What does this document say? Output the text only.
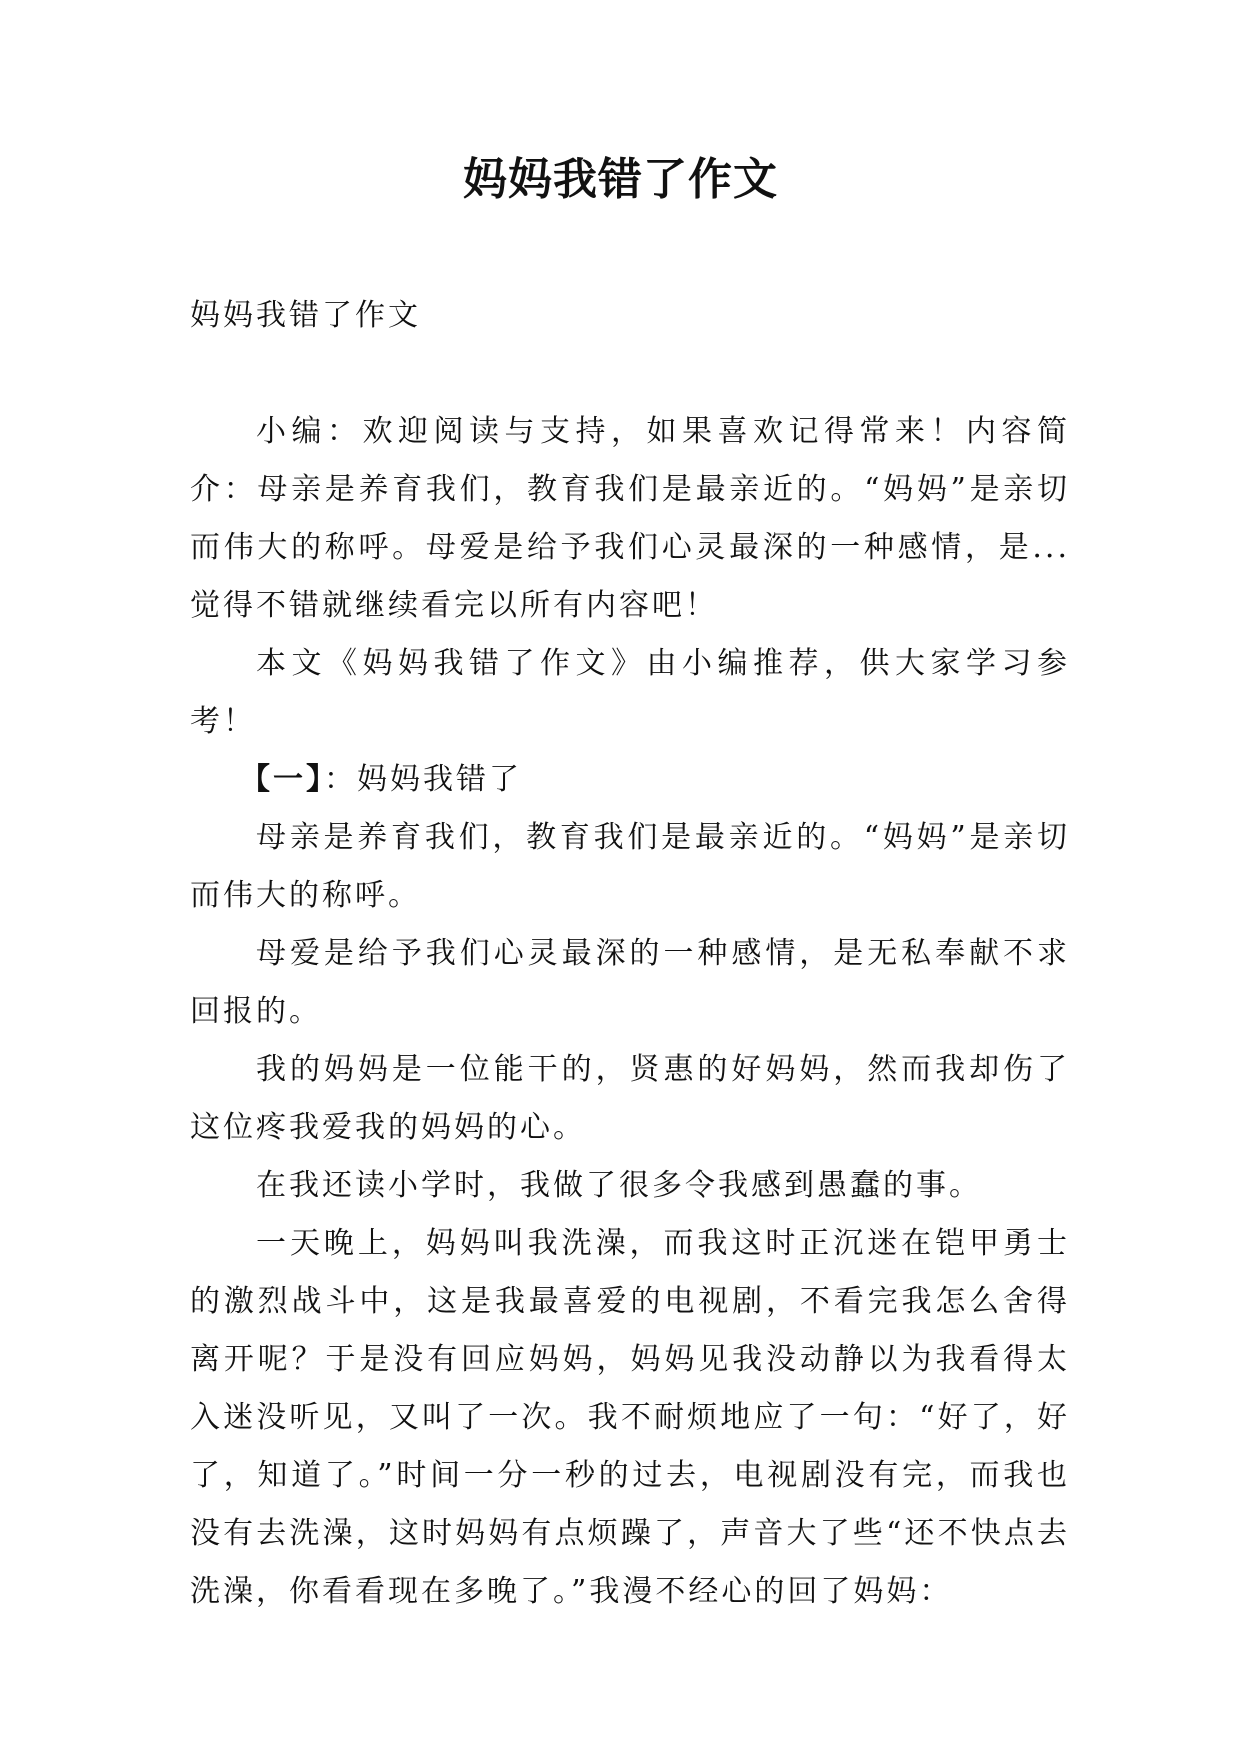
妈妈我错了作文

妈妈我错了作文

小编：欢迎阅读与支持，如果喜欢记得常来！内容简介：母亲是养育我们，教育我们是最亲近的。“妈妈”是亲切而伟大的称呼。母爱是给予我们心灵最深的一种感情，是...觉得不错就继续看完以所有内容吧！

本文《妈妈我错了作文》由小编推荐，供大家学习参考！

【一】：妈妈我错了

母亲是养育我们，教育我们是最亲近的。“妈妈”是亲切而伟大的称呼。

母爱是给予我们心灵最深的一种感情，是无私奉献不求回报的。

我的妈妈是一位能干的，贤惠的好妈妈，然而我却伤了这位疼我爱我的妈妈的心。

在我还读小学时，我做了很多令我感到愚蠢的事。

一天晚上，妈妈叫我洗澡，而我这时正沉迷在铠甲勇士的激烈战斗中，这是我最喜爱的电视剧，不看完我怎么舍得离开呢？于是没有回应妈妈，妈妈见我没动静以为我看得太入迷没听见，又叫了一次。我不耐烦地应了一句：“好了，好了，知道了。”时间一分一秒的过去，电视剧没有完，而我也没有去洗澡，这时妈妈有点烦躁了，声音大了些“还不快点去洗澡，你看看现在多晚了。”我漫不经心的回了妈妈：
